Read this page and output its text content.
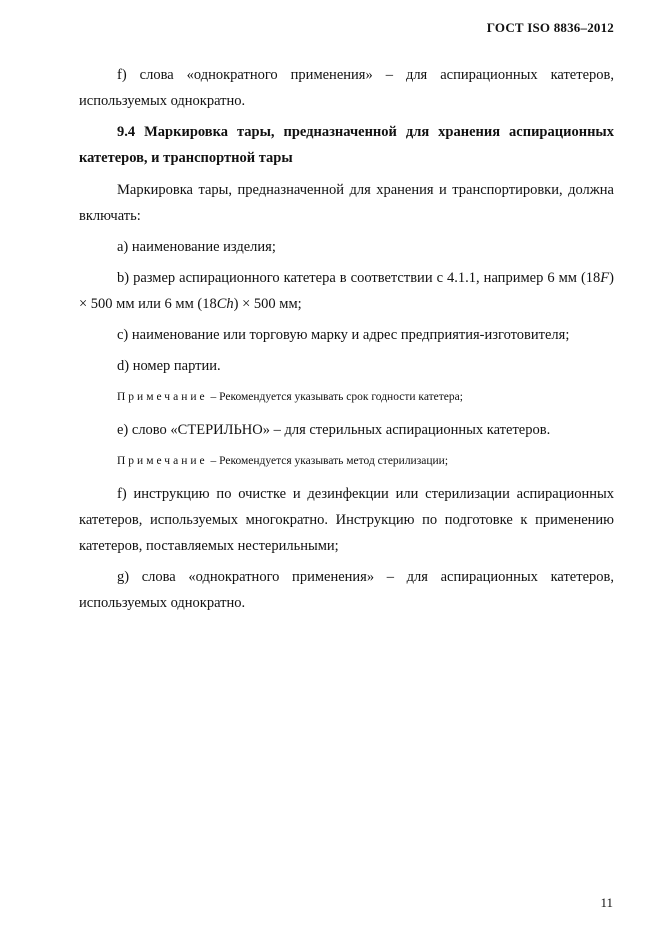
ГОСТ ISO 8836–2012

f) слова «однократного применения» – для аспирационных катетеров, используемых однократно.

9.4 Маркировка тары, предназначенной для хранения аспирационных катетеров, и транспортной тары

Маркировка тары, предназначенной для хранения и транспортировки, должна включать:

a) наименование изделия;

b) размер аспирационного катетера в соответствии с 4.1.1, например 6 мм (18F) × 500 мм или 6 мм (18Ch) × 500 мм;

c) наименование или торговую марку и адрес предприятия-изготовителя;

d) номер партии.

Примечание – Рекомендуется указывать срок годности катетера;

e) слово «СТЕРИЛЬНО» – для стерильных аспирационных катетеров.

Примечание – Рекомендуется указывать метод стерилизации;

f) инструкцию по очистке и дезинфекции или стерилизации аспирационных катетеров, используемых многократно. Инструкцию по подготовке к применению катетеров, поставляемых нестерильными;

g) слова «однократного применения» – для аспирационных катетеров, используемых однократно.

11
